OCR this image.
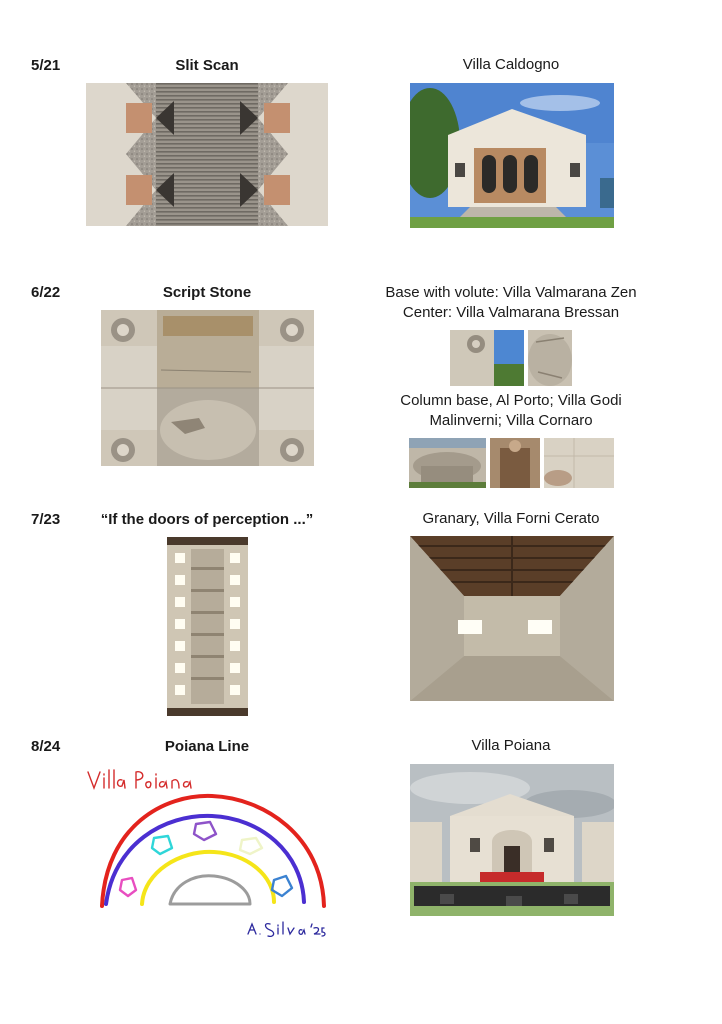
5/21	Slit Scan	Villa Caldogno
6/22	Script Stone	Base with volute: Villa Valmarana Zen
Center: Villa Valmarana Bressan
Column base, Al Porto; Villa Godi
Malinverni; Villa Cornaro
7/23	“If the doors of perception ...”	Granary, Villa Forni Cerato
8/24	Poiana Line	Villa Poiana
